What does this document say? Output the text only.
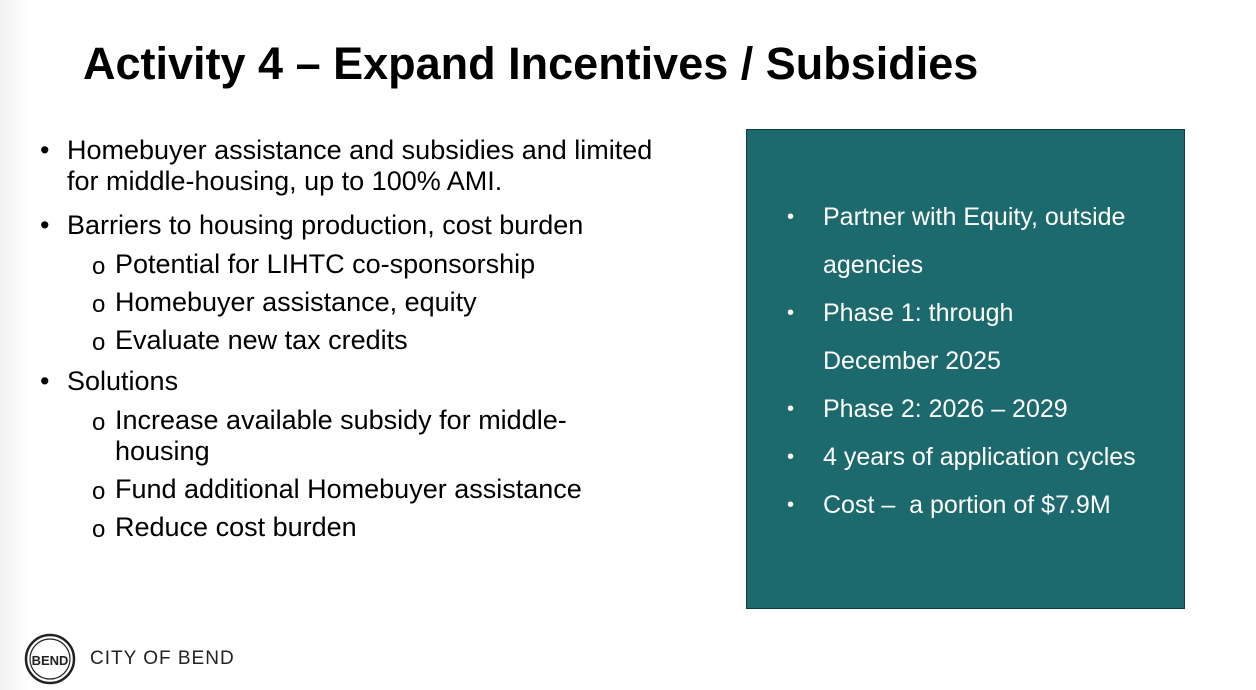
Activity 4 – Expand Incentives / Subsidies
• Homebuyer assistance and subsidies and limited for middle-housing, up to 100% AMI.
• Barriers to housing production, cost burden
o Potential for LIHTC co-sponsorship
o Homebuyer assistance, equity
o Evaluate new tax credits
• Solutions
o Increase available subsidy for middle-housing
o Fund additional Homebuyer assistance
o Reduce cost burden
• Partner with Equity, outside agencies
• Phase 1: through December 2025
• Phase 2: 2026 – 2029
• 4 years of application cycles
• Cost –  a portion of $7.9M
BEND CITY OF BEND
